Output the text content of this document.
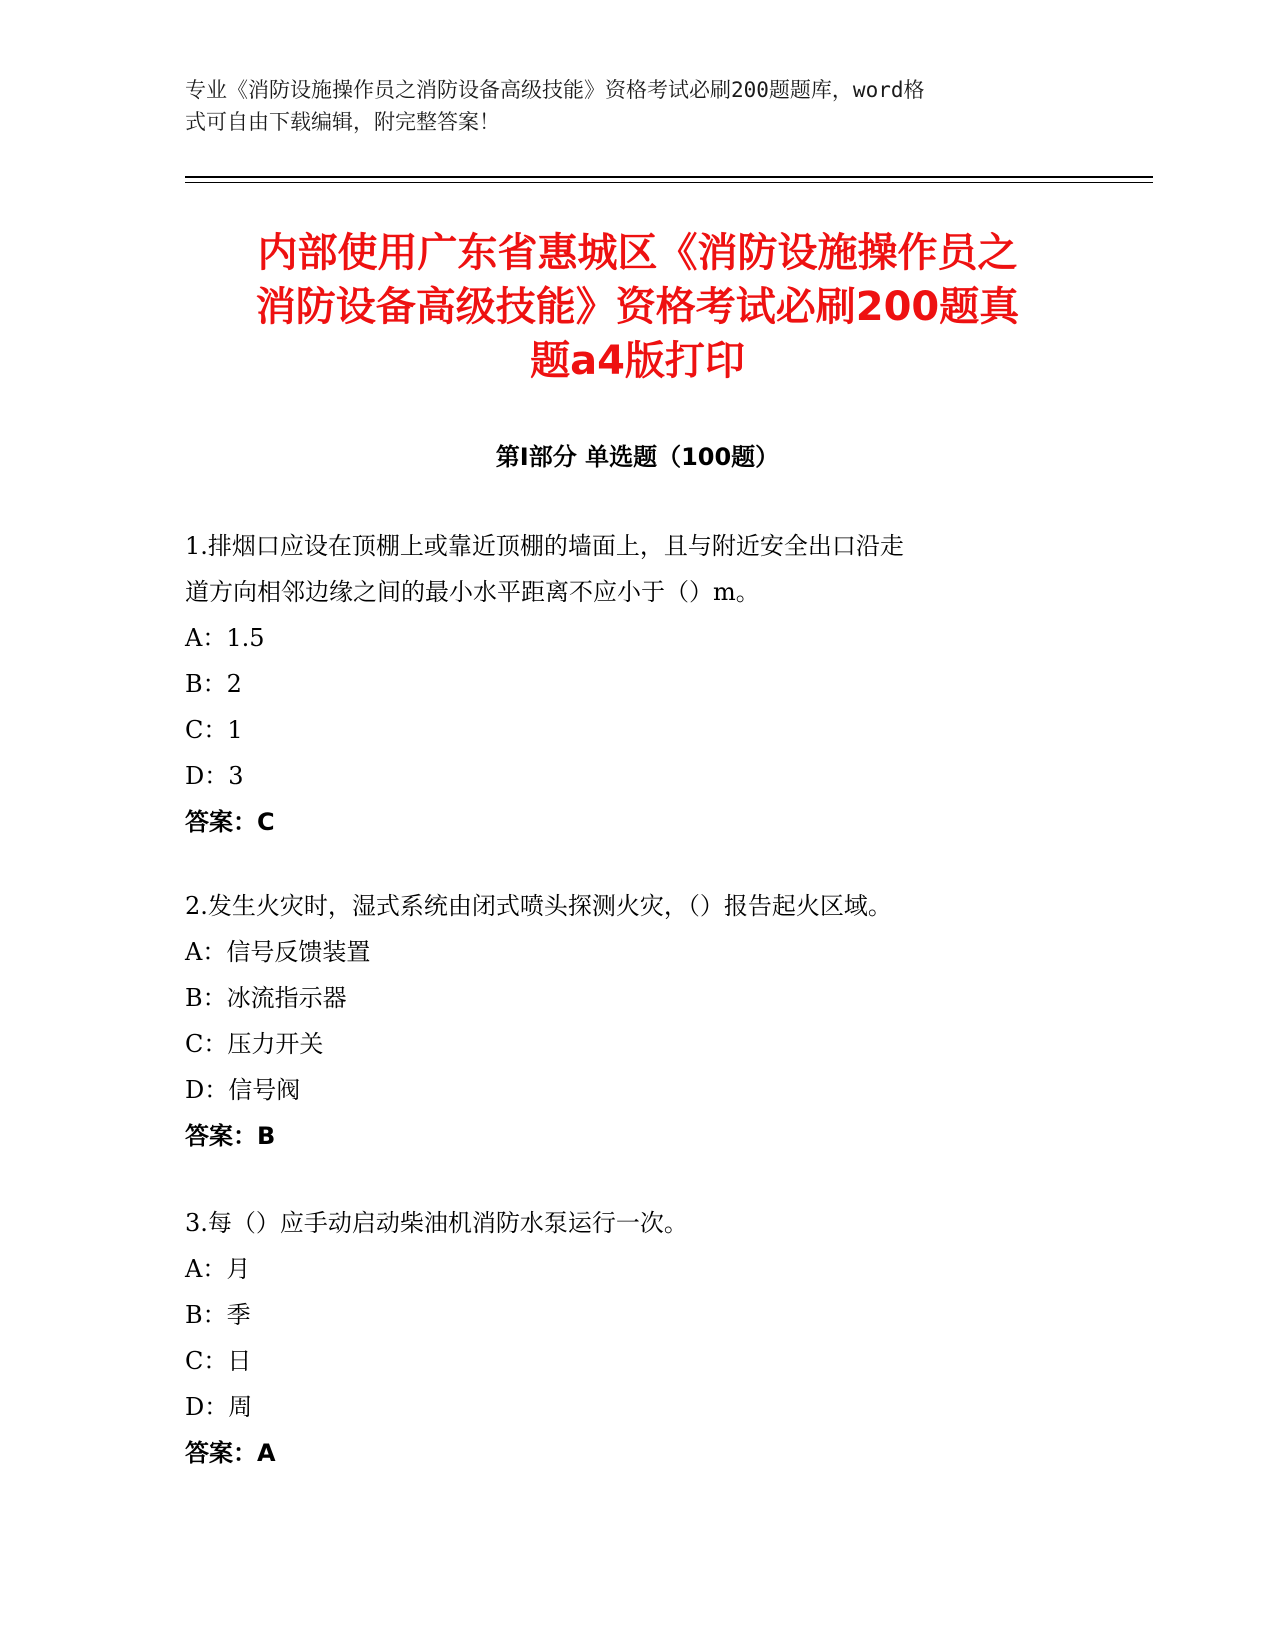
专业《消防设施操作员之消防设备高级技能》资格考试必刷200题题库，word格
式可自由下载编辑，附完整答案！
内部使用广东省惠城区《消防设施操作员之
消防设备高级技能》资格考试必刷200题真
题a4版打印
第Ⅰ部分 单选题（100题）

1.排烟口应设在顶棚上或靠近顶棚的墙面上，且与附近安全出口沿走

道方向相邻边缘之间的最小水平距离不应小于（）m。

A：1.5

B：2

C：1

D：3

答案：C

2.发生火灾时，湿式系统由闭式喷头探测火灾，（）报告起火区域。

A：信号反馈装置

B：冰流指示器

C：压力开关

D：信号阀

答案：B

3.每（）应手动启动柴油机消防水泵运行一次。

A：月

B：季

C：日

D：周

答案：A
